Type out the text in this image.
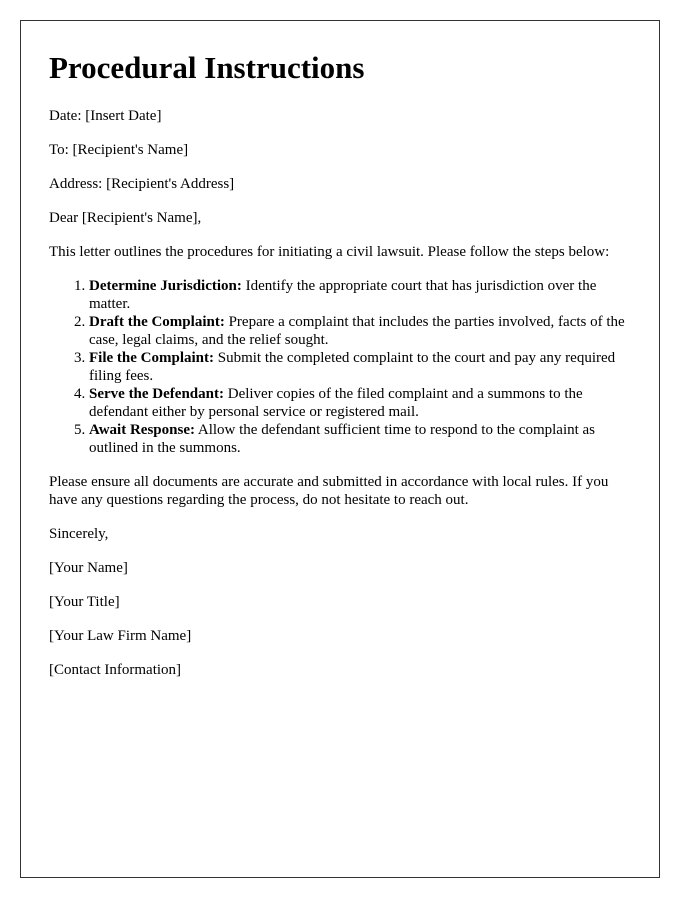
Procedural Instructions

Date: [Insert Date]

To: [Recipient's Name]

Address: [Recipient's Address]

Dear [Recipient's Name],

This letter outlines the procedures for initiating a civil lawsuit. Please follow the steps below:

1. Determine Jurisdiction: Identify the appropriate court that has jurisdiction over the matter.
2. Draft the Complaint: Prepare a complaint that includes the parties involved, facts of the case, legal claims, and the relief sought.
3. File the Complaint: Submit the completed complaint to the court and pay any required filing fees.
4. Serve the Defendant: Deliver copies of the filed complaint and a summons to the defendant either by personal service or registered mail.
5. Await Response: Allow the defendant sufficient time to respond to the complaint as outlined in the summons.

Please ensure all documents are accurate and submitted in accordance with local rules. If you have any questions regarding the process, do not hesitate to reach out.

Sincerely,

[Your Name]

[Your Title]

[Your Law Firm Name]

[Contact Information]
